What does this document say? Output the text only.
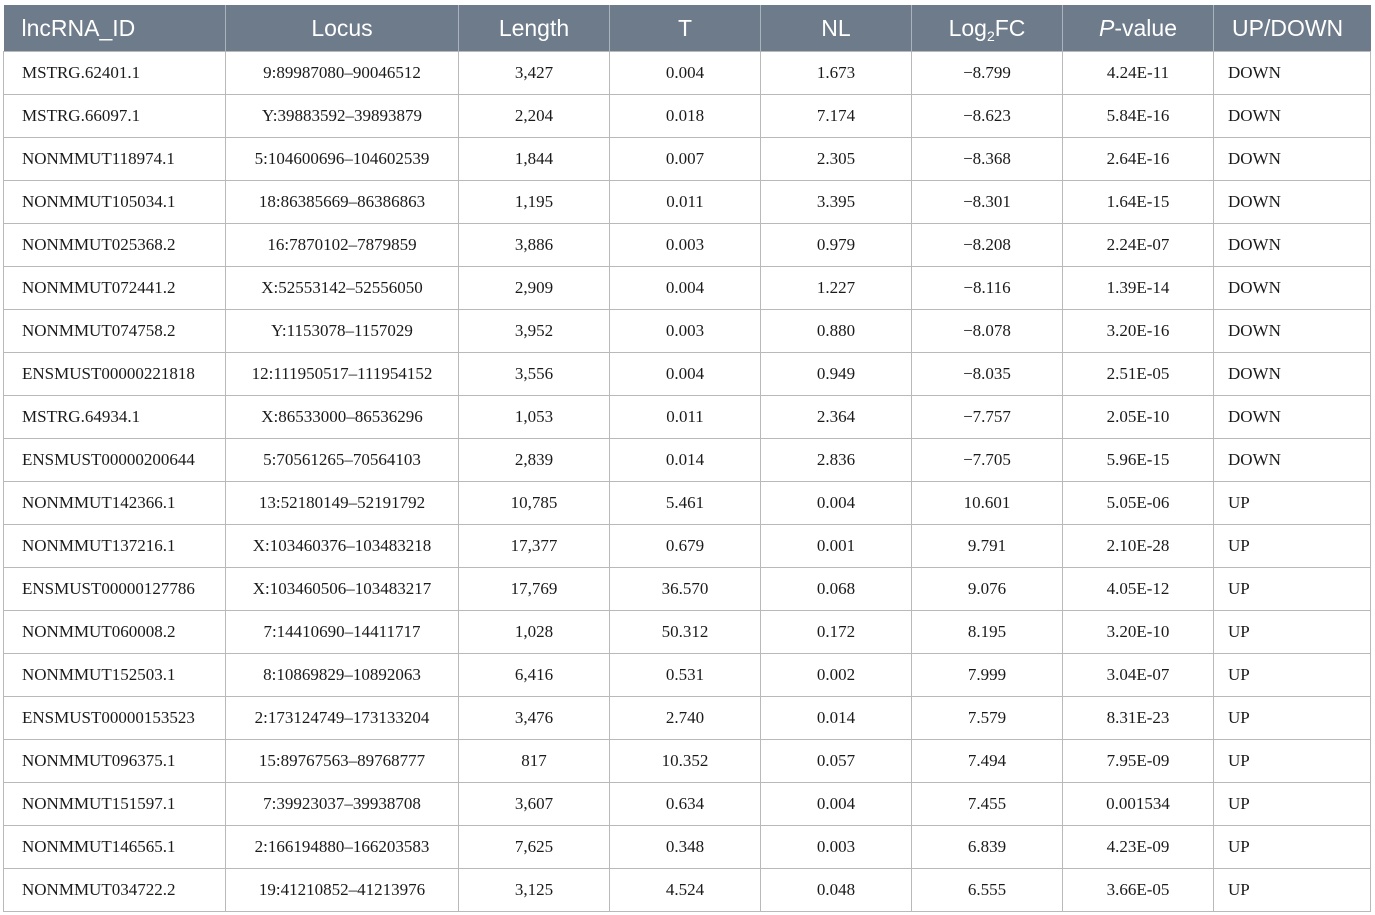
lncRNA_ID	Locus	Length	T	NL	Log$_2$FC	P-value	UP/DOWN
MSTRG.62401.1	9:89987080–90046512	3,427	0.004	1.673	−8.799	4.24E-11	DOWN
MSTRG.66097.1	Y:39883592–39893879	2,204	0.018	7.174	−8.623	5.84E-16	DOWN
NONMMUT118974.1	5:104600696–104602539	1,844	0.007	2.305	−8.368	2.64E-16	DOWN
NONMMUT105034.1	18:86385669–86386863	1,195	0.011	3.395	−8.301	1.64E-15	DOWN
NONMMUT025368.2	16:7870102–7879859	3,886	0.003	0.979	−8.208	2.24E-07	DOWN
NONMMUT072441.2	X:52553142–52556050	2,909	0.004	1.227	−8.116	1.39E-14	DOWN
NONMMUT074758.2	Y:1153078–1157029	3,952	0.003	0.880	−8.078	3.20E-16	DOWN
ENSMUST00000221818	12:111950517–111954152	3,556	0.004	0.949	−8.035	2.51E-05	DOWN
MSTRG.64934.1	X:86533000–86536296	1,053	0.011	2.364	−7.757	2.05E-10	DOWN
ENSMUST00000200644	5:70561265–70564103	2,839	0.014	2.836	−7.705	5.96E-15	DOWN
NONMMUT142366.1	13:52180149–52191792	10,785	5.461	0.004	10.601	5.05E-06	UP
NONMMUT137216.1	X:103460376–103483218	17,377	0.679	0.001	9.791	2.10E-28	UP
ENSMUST00000127786	X:103460506–103483217	17,769	36.570	0.068	9.076	4.05E-12	UP
NONMMUT060008.2	7:14410690–14411717	1,028	50.312	0.172	8.195	3.20E-10	UP
NONMMUT152503.1	8:10869829–10892063	6,416	0.531	0.002	7.999	3.04E-07	UP
ENSMUST00000153523	2:173124749–173133204	3,476	2.740	0.014	7.579	8.31E-23	UP
NONMMUT096375.1	15:89767563–89768777	817	10.352	0.057	7.494	7.95E-09	UP
NONMMUT151597.1	7:39923037–39938708	3,607	0.634	0.004	7.455	0.001534	UP
NONMMUT146565.1	2:166194880–166203583	7,625	0.348	0.003	6.839	4.23E-09	UP
NONMMUT034722.2	19:41210852–41213976	3,125	4.524	0.048	6.555	3.66E-05	UP
